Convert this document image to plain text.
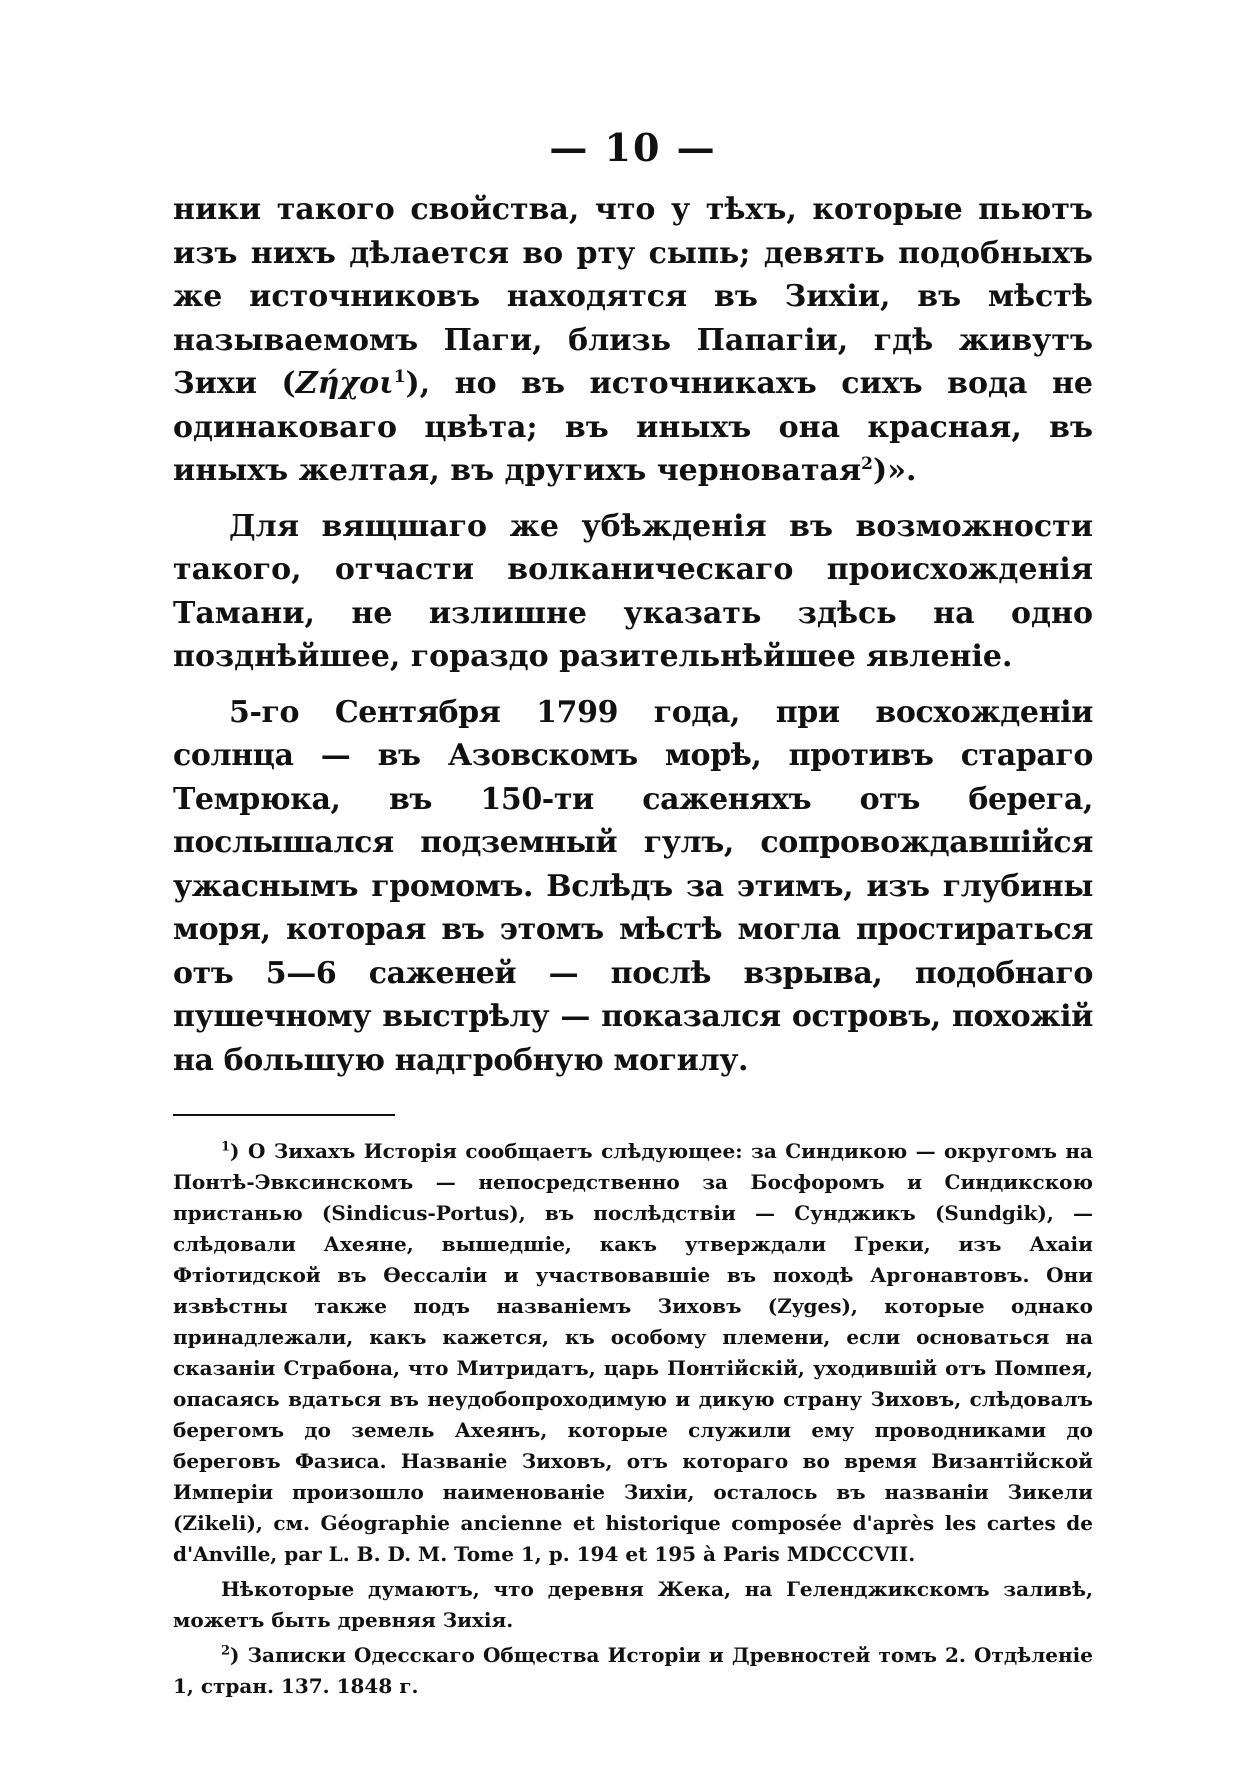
— 10 —

ники такого свойства, что у тѣхъ, которые пьютъ изъ нихъ дѣлается во рту сыпь; девять подобныхъ же источниковъ находятся въ Зихіи, въ мѣстѣ называемомъ Паги, близь Папагіи, гдѣ живутъ Зихи (Ζήχοι$^1$), но въ источникахъ сихъ вода не одинаковаго цвѣта; въ иныхъ она красная, въ иныхъ желтая, въ другихъ черноватая$^2$)».

Для вящшаго же убѣжденія въ возможности такого, отчасти волканическаго происхожденія Тамани, не излишне указать здѣсь на одно позднѣйшее, гораздо разительнѣйшее явленіе.

5-го Сентября 1799 года, при восхожденіи солнца — въ Азовскомъ морѣ, противъ стараго Темрюка, въ 150-ти саженяхъ отъ берега, послышался подземный гулъ, сопровождавшійся ужаснымъ громомъ. Вслѣдъ за этимъ, изъ глубины моря, которая въ этомъ мѣстѣ могла простираться отъ 5—6 саженей — послѣ взрыва, подобнаго пушечному выстрѣлу — показался островъ, похожій на большую надгробную могилу.

$^1$) О Зихахъ Исторія сообщаетъ слѣдующее: за Синдикою — округомъ на Понтѣ-Эвксинскомъ — непосредственно за Босфоромъ и Синдикскою пристанью (Sindicus-Portus), въ послѣдствіи — Сунджикъ (Sundgik), — слѣдовали Ахеяне, вышедшіе, какъ утверждали Греки, изъ Ахаіи Фтіотидской въ Ѳессаліи и участвовавшіе въ походѣ Аргонавтовъ. Они извѣстны также подъ названіемъ Зиховъ (Zyges), которые однако принадлежали, какъ кажется, къ особому племени, если основаться на сказаніи Страбона, что Митридатъ, царь Понтійскій, уходившій отъ Помпея, опасаясь вдаться въ неудобопроходимую и дикую страну Зиховъ, слѣдовалъ берегомъ до земель Ахеянъ, которые служили ему проводниками до береговъ Фазиса. Названіе Зиховъ, отъ котораго во время Византійской Имперіи произошло наименованіе Зихіи, осталось въ названіи Зикели (Zikeli), см. Géographie ancienne et historique composée d'après les cartes de d'Anville, par L. B. D. M. Tome 1, p. 194 et 195 à Paris MDCCCVII.

Нѣкоторые думаютъ, что деревня Жека, на Геленджикскомъ заливѣ, можетъ быть древняя Зихія.

$^2$) Записки Одесскаго Общества Исторіи и Древностей томъ 2. Отдѣленіе 1, стран. 137. 1848 г.
